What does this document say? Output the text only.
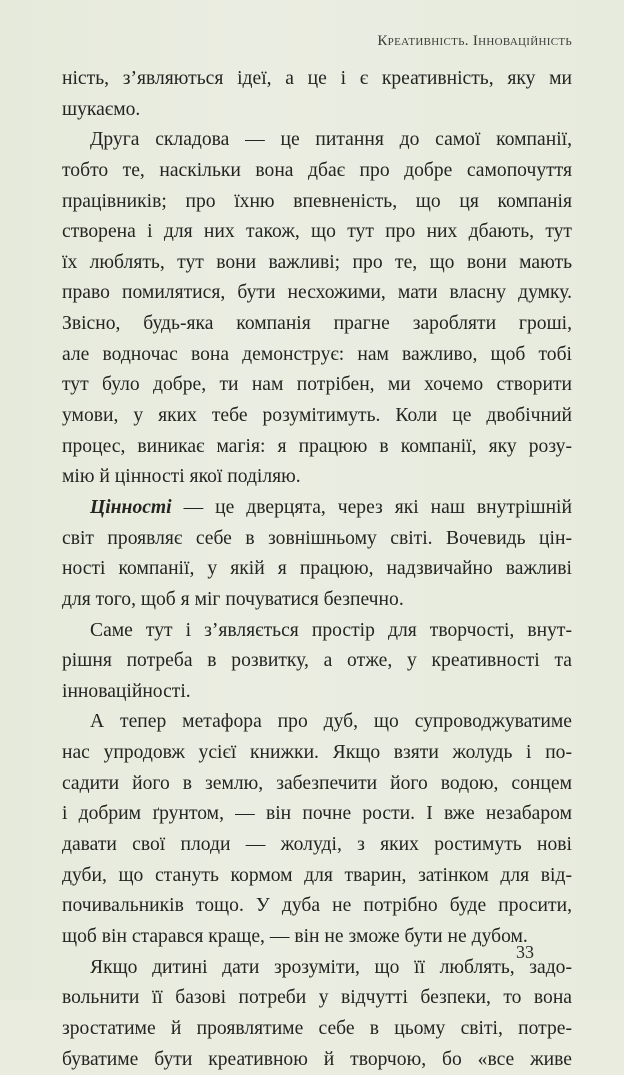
Креативність. Інноваційність
ність, з’являються ідеї, а це і є креативність, яку ми
шукаємо.
Друга складова — це питання до самої компанії,
тобто те, наскільки вона дбає про добре самопочуття
працівників; про їхню впевненість, що ця компанія
створена і для них також, що тут про них дбають, тут
їх люблять, тут вони важливі; про те, що вони мають
право помилятися, бути несхожими, мати власну думку.
Звісно, будь-яка компанія прагне заробляти гроші,
але водночас вона демонструє: нам важливо, щоб тобі
тут було добре, ти нам потрібен, ми хочемо створити
умови, у яких тебе розумітимуть. Коли це двобічний
процес, виникає магія: я працюю в компанії, яку розу-
мію й цінності якої поділяю.
Цінності — це дверцята, через які наш внутрішній
світ проявляє себе в зовнішньому світі. Вочевидь цін-
ності компанії, у якій я працюю, надзвичайно важливі
для того, щоб я міг почуватися безпечно.
Саме тут і з’являється простір для творчості, внут-
рішня потреба в розвитку, а отже, у креативності та
інноваційності.
А тепер метафора про дуб, що супроводжуватиме
нас упродовж усієї книжки. Якщо взяти жолудь і по-
садити його в землю, забезпечити його водою, сонцем
і добрим ґрунтом, — він почне рости. І вже незабаром
давати свої плоди — жолуді, з яких ростимуть нові
дуби, що стануть кормом для тварин, затінком для від-
почивальників тощо. У дуба не потрібно буде просити,
щоб він старався краще, — він не зможе бути не дубом.
Якщо дитині дати зрозуміти, що її люблять, задо-
вольнити її базові потреби у відчутті безпеки, то вона
зростатиме й проявлятиме себе в цьому світі, потре-
буватиме бути креативною й творчою, бо «все живе
33
